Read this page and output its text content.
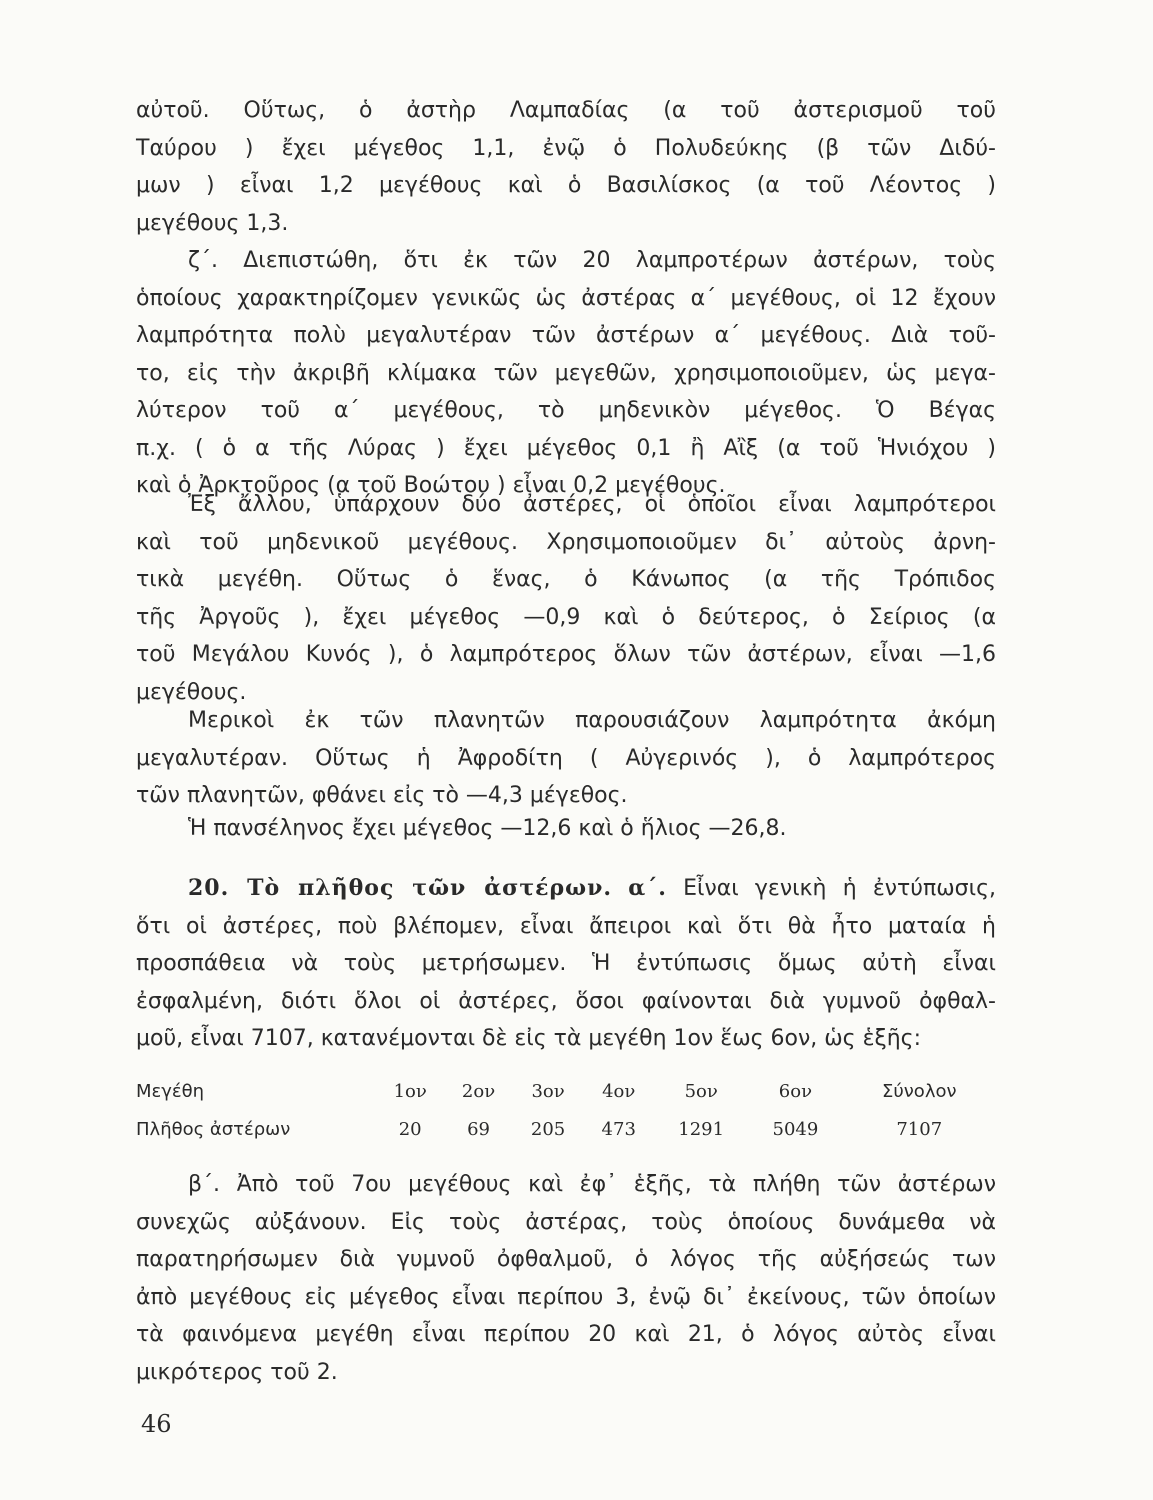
αὐτοῦ. Οὕτως, ὁ ἀστὴρ Λαμπαδίας (α τοῦ ἀστερισμοῦ τοῦ
Ταύρου ) ἔχει μέγεθος 1,1, ἐνῷ ὁ Πολυδεύκης (β τῶν Διδύ-
μων ) εἶναι 1,2 μεγέθους καὶ ὁ Βασιλίσκος (α τοῦ Λέοντος )
μεγέθους 1,3.
ζ΄. Διεπιστώθη, ὅτι ἐκ τῶν 20 λαμπροτέρων ἀστέρων, τοὺς
ὁποίους χαρακτηρίζομεν γενικῶς ὡς ἀστέρας α΄ μεγέθους, οἱ 12 ἔχουν
λαμπρότητα πολὺ μεγαλυτέραν τῶν ἀστέρων α΄ μεγέθους. Διὰ τοῦ-
το, εἰς τὴν ἀκριβῆ κλίμακα τῶν μεγεθῶν, χρησιμοποιοῦμεν, ὡς μεγα-
λύτερον τοῦ α΄ μεγέθους, τὸ μηδενικὸν μέγεθος. Ὁ Βέγας
π.χ. ( ὁ α τῆς Λύρας ) ἔχει μέγεθος 0,1 ἢ Αἲξ (α τοῦ Ἡνιόχου )
καὶ ὁ Ἀρκτοῦρος (α τοῦ Βοώτου ) εἶναι 0,2 μεγέθους.
Ἐξ ἄλλου, ὑπάρχουν δύο ἀστέρες, οἱ ὁποῖοι εἶναι λαμπρότεροι
καὶ τοῦ μηδενικοῦ μεγέθους. Χρησιμοποιοῦμεν δι᾽ αὐτοὺς ἀρνη-
τικὰ μεγέθη. Οὕτως ὁ ἕνας, ὁ Κάνωπος (α τῆς Τρόπιδος
τῆς Ἀργοῦς ), ἔχει μέγεθος —0,9 καὶ ὁ δεύτερος, ὁ Σείριος (α
τοῦ Μεγάλου Κυνός ), ὁ λαμπρότερος ὅλων τῶν ἀστέρων, εἶναι —1,6
μεγέθους.
Μερικοὶ ἐκ τῶν πλανητῶν παρουσιάζουν λαμπρότητα ἀκόμη
μεγαλυτέραν. Οὕτως ἡ Ἀφροδίτη ( Αὐγερινός ), ὁ λαμπρότερος
τῶν πλανητῶν, φθάνει εἰς τὸ —4,3 μέγεθος.
Ἡ πανσέληνος ἔχει μέγεθος —12,6 καὶ ὁ ἥλιος —26,8.
20. Τὸ πλῆθος τῶν ἀστέρων. α΄. Εἶναι γενικὴ ἡ ἐντύπωσις,
ὅτι οἱ ἀστέρες, ποὺ βλέπομεν, εἶναι ἄπειροι καὶ ὅτι θὰ ἦτο ματαία ἡ
προσπάθεια νὰ τοὺς μετρήσωμεν. Ἡ ἐντύπωσις ὅμως αὐτὴ εἶναι
ἐσφαλμένη, διότι ὅλοι οἱ ἀστέρες, ὅσοι φαίνονται διὰ γυμνοῦ ὀφθαλ-
μοῦ, εἶναι 7107, κατανέμονται δὲ εἰς τὰ μεγέθη 1ον ἕως 6ον, ὡς ἑξῆς:
Μεγέθη	1ον	2ον	3ον	4ον	5ον	6ον	Σύνολον
Πλῆθος ἀστέρων	20	69	205	473	1291	5049	7107
β΄. Ἀπὸ τοῦ 7ου μεγέθους καὶ ἐφ᾽ ἑξῆς, τὰ πλήθη τῶν ἀστέρων
συνεχῶς αὐξάνουν. Εἰς τοὺς ἀστέρας, τοὺς ὁποίους δυνάμεθα νὰ
παρατηρήσωμεν διὰ γυμνοῦ ὀφθαλμοῦ, ὁ λόγος τῆς αὐξήσεώς των
ἀπὸ μεγέθους εἰς μέγεθος εἶναι περίπου 3, ἐνῷ δι᾽ ἐκείνους, τῶν ὁποίων
τὰ φαινόμενα μεγέθη εἶναι περίπου 20 καὶ 21, ὁ λόγος αὐτὸς εἶναι
μικρότερος τοῦ 2.
46
